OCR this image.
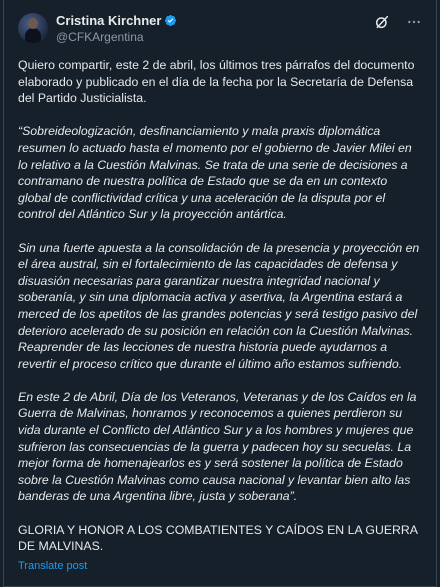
Cristina Kirchner
@CFKArgentina

Quiero compartir, este 2 de abril, los últimos tres párrafos del documento elaborado y publicado en el día de la fecha por la Secretaría de Defensa del Partido Justicialista.

“Sobreideologización, desfinanciamiento y mala praxis diplomática resumen lo actuado hasta el momento por el gobierno de Javier Milei en lo relativo a la Cuestión Malvinas. Se trata de una serie de decisiones a contramano de nuestra política de Estado que se da en un contexto global de conflictividad crítica y una aceleración de la disputa por el control del Atlántico Sur y la proyección antártica.

Sin una fuerte apuesta a la consolidación de la presencia y proyección en el área austral, sin el fortalecimiento de las capacidades de defensa y disuasión necesarias para garantizar nuestra integridad nacional y soberanía, y sin una diplomacia activa y asertiva, la Argentina estará a merced de los apetitos de las grandes potencias y será testigo pasivo del deterioro acelerado de su posición en relación con la Cuestión Malvinas. Reaprender de las lecciones de nuestra historia puede ayudarnos a revertir el proceso crítico que durante el último año estamos sufriendo.

En este 2 de Abril, Día de los Veteranos, Veteranas y de los Caídos en la Guerra de Malvinas, honramos y reconocemos a quienes perdieron su vida durante el Conflicto del Atlántico Sur y a los hombres y mujeres que sufrieron las consecuencias de la guerra y padecen hoy su secuelas. La mejor forma de homenajearlos es y será sostener la política de Estado sobre la Cuestión Malvinas como causa nacional y levantar bien alto las banderas de una Argentina libre, justa y soberana”.

GLORIA Y HONOR A LOS COMBATIENTES Y CAÍDOS EN LA GUERRA DE MALVINAS.

Translate post
